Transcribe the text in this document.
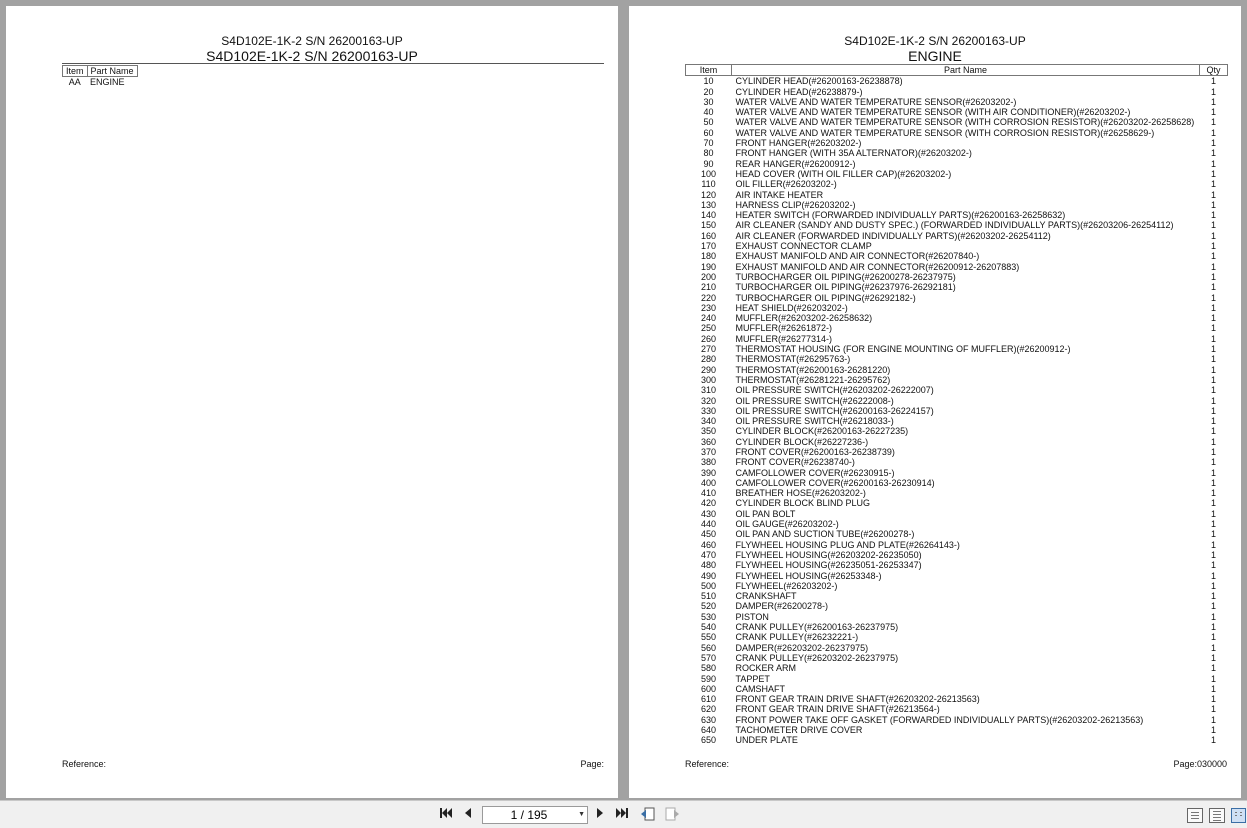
S4D102E-1K-2 S/N 26200163-UP
S4D102E-1K-2 S/N 26200163-UP
Item	Part Name
AA	ENGINE
Reference:	Page:
S4D102E-1K-2 S/N 26200163-UP
ENGINE
Item	Part Name	Qty
10	CYLINDER HEAD(#26200163-26238878)	1
20	CYLINDER HEAD(#26238879-)	1
30	WATER VALVE AND WATER TEMPERATURE SENSOR(#26203202-)	1
40	WATER VALVE AND WATER TEMPERATURE SENSOR (WITH AIR CONDITIONER)(#26203202-)	1
50	WATER VALVE AND WATER TEMPERATURE SENSOR (WITH CORROSION RESISTOR)(#26203202-26258628)	1
60	WATER VALVE AND WATER TEMPERATURE SENSOR (WITH CORROSION RESISTOR)(#26258629-)	1
70	FRONT HANGER(#26203202-)	1
80	FRONT HANGER (WITH 35A ALTERNATOR)(#26203202-)	1
90	REAR HANGER(#26200912-)	1
100	HEAD COVER (WITH OIL FILLER CAP)(#26203202-)	1
110	OIL FILLER(#26203202-)	1
120	AIR INTAKE HEATER	1
130	HARNESS CLIP(#26203202-)	1
140	HEATER SWITCH (FORWARDED INDIVIDUALLY PARTS)(#26200163-26258632)	1
150	AIR CLEANER (SANDY AND DUSTY SPEC.) (FORWARDED INDIVIDUALLY PARTS)(#26203206-26254112)	1
160	AIR CLEANER (FORWARDED INDIVIDUALLY PARTS)(#26203202-26254112)	1
170	EXHAUST CONNECTOR CLAMP	1
180	EXHAUST MANIFOLD AND AIR CONNECTOR(#26207840-)	1
190	EXHAUST MANIFOLD AND AIR CONNECTOR(#26200912-26207883)	1
200	TURBOCHARGER OIL PIPING(#26200278-26237975)	1
210	TURBOCHARGER OIL PIPING(#26237976-26292181)	1
220	TURBOCHARGER OIL PIPING(#26292182-)	1
230	HEAT SHIELD(#26203202-)	1
240	MUFFLER(#26203202-26258632)	1
250	MUFFLER(#26261872-)	1
260	MUFFLER(#26277314-)	1
270	THERMOSTAT HOUSING (FOR ENGINE MOUNTING OF MUFFLER)(#26200912-)	1
280	THERMOSTAT(#26295763-)	1
290	THERMOSTAT(#26200163-26281220)	1
300	THERMOSTAT(#26281221-26295762)	1
310	OIL PRESSURE SWITCH(#26203202-26222007)	1
320	OIL PRESSURE SWITCH(#26222008-)	1
330	OIL PRESSURE SWITCH(#26200163-26224157)	1
340	OIL PRESSURE SWITCH(#26218033-)	1
350	CYLINDER BLOCK(#26200163-26227235)	1
360	CYLINDER BLOCK(#26227236-)	1
370	FRONT COVER(#26200163-26238739)	1
380	FRONT COVER(#26238740-)	1
390	CAMFOLLOWER COVER(#26230915-)	1
400	CAMFOLLOWER COVER(#26200163-26230914)	1
410	BREATHER HOSE(#26203202-)	1
420	CYLINDER BLOCK BLIND PLUG	1
430	OIL PAN BOLT	1
440	OIL GAUGE(#26203202-)	1
450	OIL PAN AND SUCTION TUBE(#26200278-)	1
460	FLYWHEEL HOUSING PLUG AND PLATE(#26264143-)	1
470	FLYWHEEL HOUSING(#26203202-26235050)	1
480	FLYWHEEL HOUSING(#26235051-26253347)	1
490	FLYWHEEL HOUSING(#26253348-)	1
500	FLYWHEEL(#26203202-)	1
510	CRANKSHAFT	1
520	DAMPER(#26200278-)	1
530	PISTON	1
540	CRANK PULLEY(#26200163-26237975)	1
550	CRANK PULLEY(#26232221-)	1
560	DAMPER(#26203202-26237975)	1
570	CRANK PULLEY(#26203202-26237975)	1
580	ROCKER ARM	1
590	TAPPET	1
600	CAMSHAFT	1
610	FRONT GEAR TRAIN DRIVE SHAFT(#26203202-26213563)	1
620	FRONT GEAR TRAIN DRIVE SHAFT(#26213564-)	1
630	FRONT POWER TAKE OFF GASKET (FORWARDED INDIVIDUALLY PARTS)(#26203202-26213563)	1
640	TACHOMETER DRIVE COVER	1
650	UNDER PLATE	1
Reference:	Page:030000
1 / 195	▼
